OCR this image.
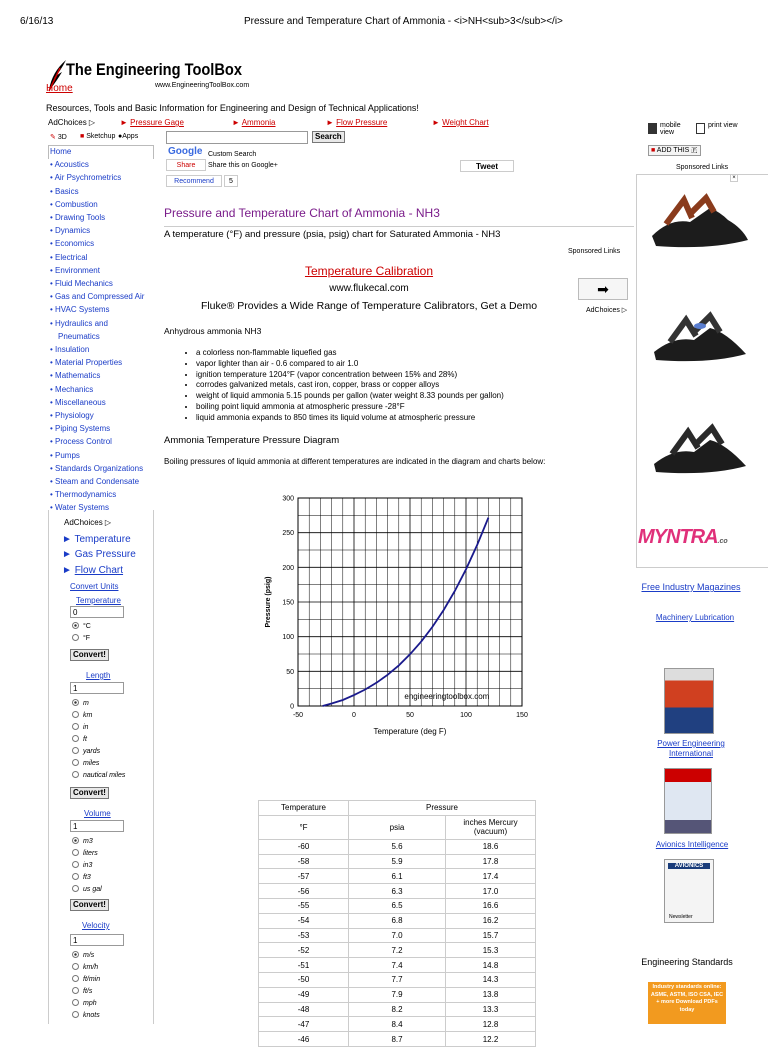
6/16/13	Pressure and Temperature Chart of Ammonia - <i>NH<sub>3</sub></i>
The Engineering ToolBox
www.EngineeringToolBox.com
Home
Resources, Tools and Basic Information for Engineering and Design of Technical Applications!
AdChoices ▷	► Pressure Gage	► Ammonia	► Flow Pressure	► Weight Chart
✎ 3D ■ Sketchup ●Apps	Search
Google Custom Search
Share	Share this on Google+	Tweet
Recommend	5
mobile view
print view
■ ADD THIS 🇫
Home
• Acoustics
• Air Psychrometrics
• Basics
• Combustion
• Drawing Tools
• Dynamics
• Economics
• Electrical
• Environment
• Fluid Mechanics
• Gas and Compressed Air
• HVAC Systems
• Hydraulics and
Pneumatics
• Insulation
• Material Properties
• Mathematics
• Mechanics
• Miscellaneous
• Physiology
• Piping Systems
• Process Control
• Pumps
• Standards Organizations
• Steam and Condensate
• Thermodynamics
• Water Systems
AdChoices ▷
► Temperature
► Gas Pressure
► Flow Chart
Convert Units
Temperature
0
°C
°F
Convert!
Length
1
m
km
in
ft
yards
miles
nautical miles
Convert!
Volume
1
m3
liters
in3
ft3
us gal
Convert!
Velocity
1
m/s
km/h
ft/min
ft/s
mph
knots
Pressure and Temperature Chart of Ammonia - NH3
A temperature (°F) and pressure (psia, psig) chart for Saturated Ammonia - NH3
Sponsored Links
Temperature Calibration
www.flukecal.com
Fluke® Provides a Wide Range of Temperature Calibrators, Get a Demo
➡
AdChoices ▷
Anhydrous ammonia NH3
• a colorless non-flammable liquefied gas
• vapor lighter than air - 0.6 compared to air 1.0
• ignition temperature 1204°F (vapor concentration between 15% and 28%)
• corrodes galvanized metals, cast iron, copper, brass or copper alloys
• weight of liquid ammonia 5.15 pounds per gallon (water weight 8.33 pounds per gallon)
• boiling point liquid ammonia at atmospheric pressure -28°F
• liquid ammonia expands to 850 times its liquid volume at atmospheric pressure
Ammonia Temperature Pressure Diagram
Boiling pressures of liquid ammonia at different temperatures are indicated in the diagram and charts below:
-50	0	50	100	150
0
50
100
150
200
250
300
engineeringtoolbox.com
Temperature (deg F)
Pressure (psig)
Temperature	Pressure	
°F	psia	inches Mercury (vacuum)
-60	5.6	18.6
-58	5.9	17.8
-57	6.1	17.4
-56	6.3	17.0
-55	6.5	16.6
-54	6.8	16.2
-53	7.0	15.7
-52	7.2	15.3
-51	7.4	14.8
-50	7.7	14.3
-49	7.9	13.8
-48	8.2	13.3
-47	8.4	12.8
-46	8.7	12.2
Sponsored Links
×
MYNTRA.co
Free Industry Magazines
Machinery Lubrication
Power Engineering International
Avionics Intelligence
AVIONICS
Newsletter
Engineering Standards
Industry standards online: ASME, ASTM, ISO CSA, IEC + more Download PDFs today
